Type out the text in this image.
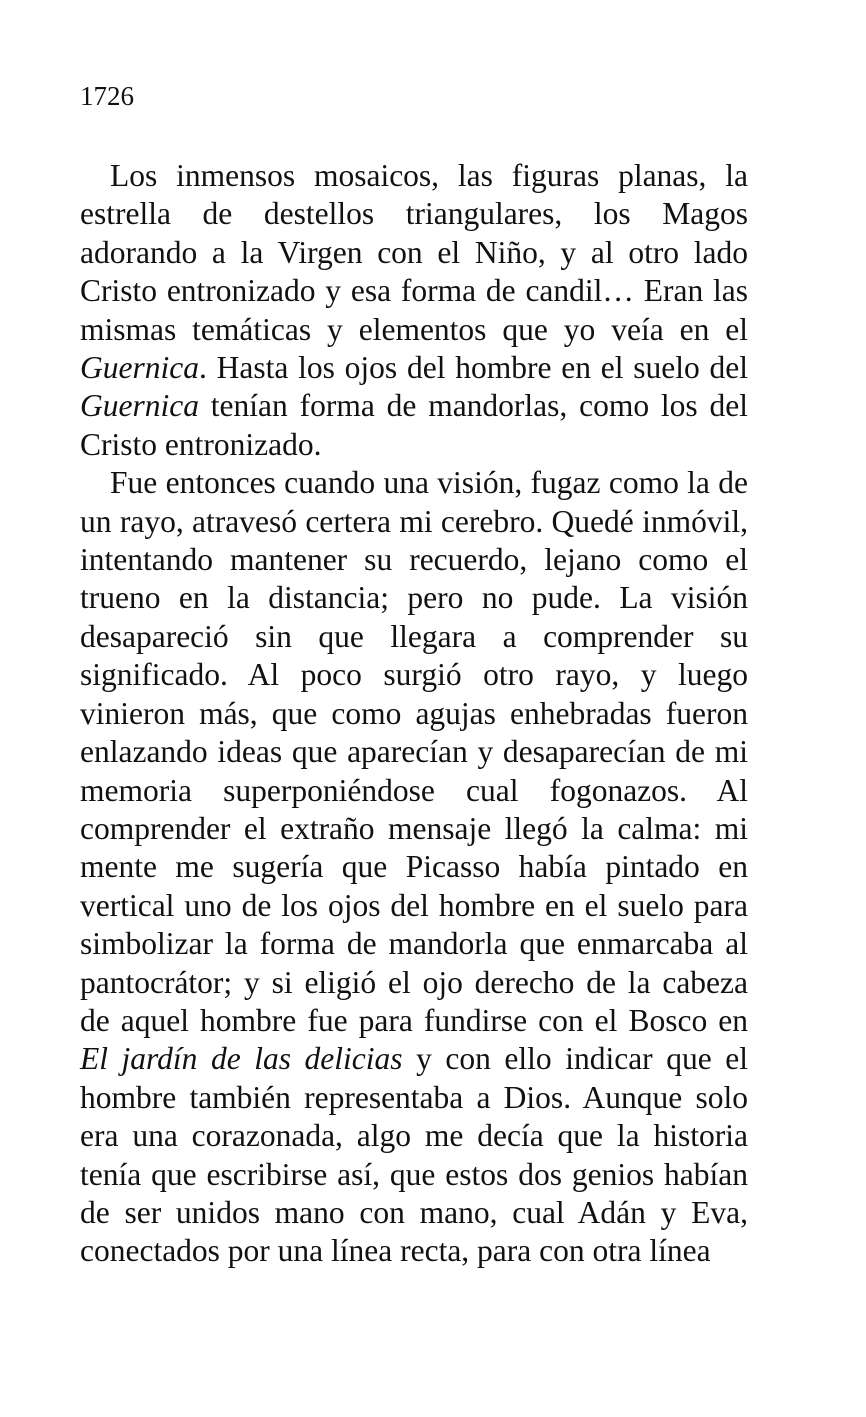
1726

Los inmensos mosaicos, las figuras planas, la estrella de destellos triangulares, los Magos adorando a la Virgen con el Niño, y al otro lado Cristo entronizado y esa forma de candil… Eran las mismas temáticas y elementos que yo veía en el Guernica. Hasta los ojos del hombre en el suelo del Guernica tenían forma de mandorlas, como los del Cristo entronizado.

Fue entonces cuando una visión, fugaz como la de un rayo, atravesó certera mi cerebro. Quedé inmóvil, intentando mantener su recuerdo, lejano como el trueno en la distancia; pero no pude. La visión desapareció sin que llegara a comprender su significado. Al poco surgió otro rayo, y luego vinieron más, que como agujas enhebradas fueron enlazando ideas que aparecían y desaparecían de mi memoria superponiéndose cual fogonazos. Al comprender el extraño mensaje llegó la calma: mi mente me sugería que Picasso había pintado en vertical uno de los ojos del hombre en el suelo para simbolizar la forma de mandorla que enmarcaba al pantocrátor; y si eligió el ojo derecho de la cabeza de aquel hombre fue para fundirse con el Bosco en El jardín de las delicias y con ello indicar que el hombre también representaba a Dios. Aunque solo era una corazonada, algo me decía que la historia tenía que escribirse así, que estos dos genios habían de ser unidos mano con mano, cual Adán y Eva, conectados por una línea recta, para con otra línea
